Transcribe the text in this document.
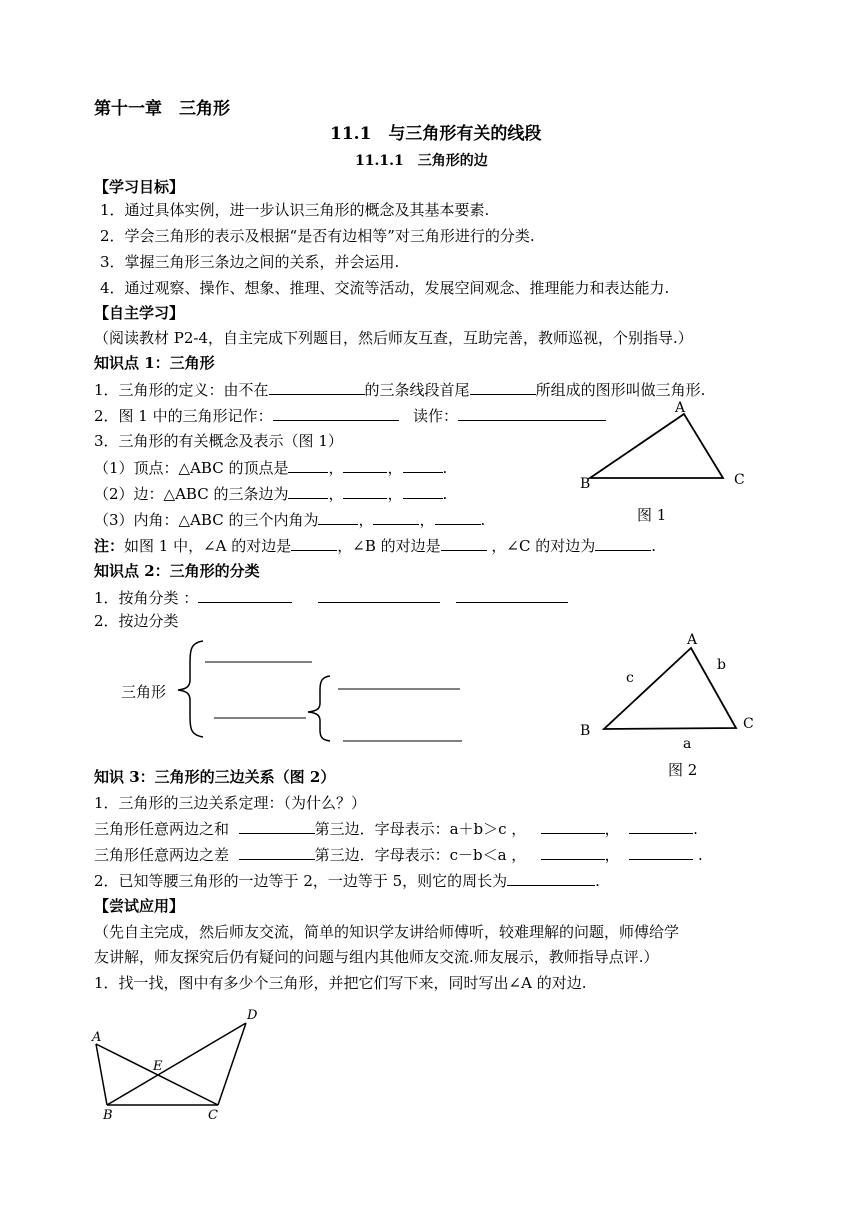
第十一章　三角形
11.1　与三角形有关的线段
11.1.1　三角形的边
【学习目标】
1．通过具体实例，进一步认识三角形的概念及其基本要素.
2．学会三角形的表示及根据“是否有边相等”对三角形进行的分类.
3．掌握三角形三条边之间的关系，并会运用.
4．通过观察、操作、想象、推理、交流等活动，发展空间观念、推理能力和表达能力.
【自主学习】
（阅读教材 P2-4，自主完成下列题目，然后师友互查，互助完善，教师巡视，个别指导.）
知识点 1：三角形
1．三角形的定义：由不在	的三条线段首尾	所组成的图形叫做三角形.
2．图 1 中的三角形记作：	读作：
3．三角形的有关概念及表示（图 1）
（1）顶点：△ABC 的顶点是	，	，	.
（2）边：△ABC 的三条边为	，	，	.
（3）内角：△ABC 的三个内角为	，	，	.
注：如图 1 中，∠A 的对边是	，∠B 的对边是	，∠C 的对边为	.
知识点 2：三角形的分类
1．按角分类 ：
2．按边分类
三角形
知识 3：三角形的三边关系（图 2）
1．三角形的三边关系定理：（为什么？）
三角形任意两边之和	第三边．字母表示：a＋b＞c ，	，	.
三角形任意两边之差	第三边．字母表示：c－b＜a ，	，	.
2．已知等腰三角形的一边等于 2，一边等于 5，则它的周长为	.
【尝试应用】
（先自主完成，然后师友交流，简单的知识学友讲给师傅听，较难理解的问题，师傅给学
友讲解，师友探究后仍有疑问的问题与组内其他师友交流.师友展示，教师指导点评.）
1．找一找，图中有多少个三角形，并把它们写下来，同时写出∠A 的对边.
A
B	C
图 1
A
B	C
a
b
c
图 2
A
B	C
D
E
